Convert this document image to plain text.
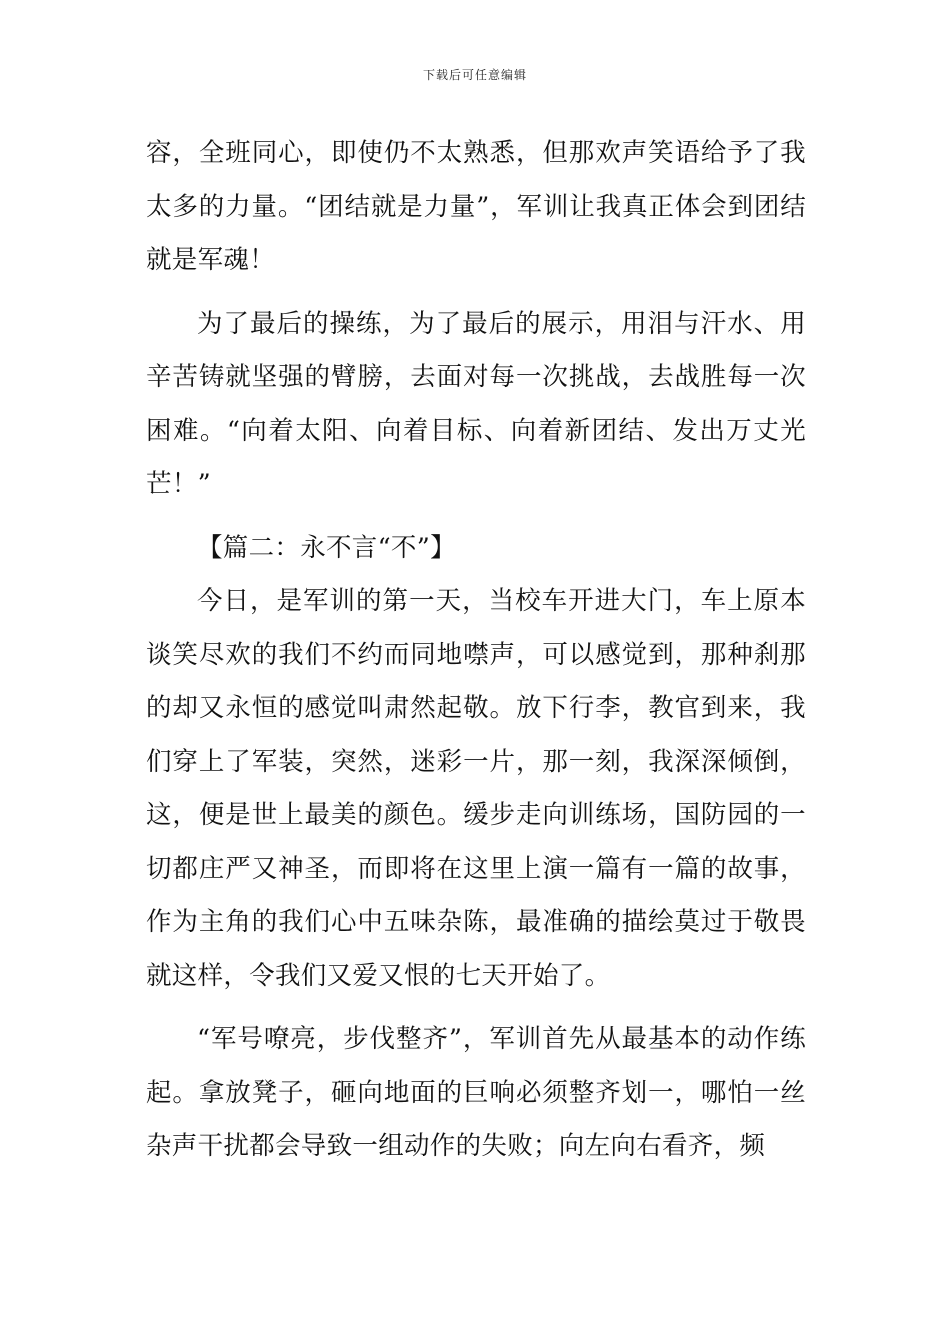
下载后可任意编辑

容，全班同心，即使仍不太熟悉，但那欢声笑语给予了我太多的力量。“团结就是力量”，军训让我真正体会到团结就是军魂！

为了最后的操练，为了最后的展示，用泪与汗水、用辛苦铸就坚强的臂膀，去面对每一次挑战，去战胜每一次困难。“向着太阳、向着目标、向着新团结、发出万丈光芒！”

【篇二：永不言“不”】

今日，是军训的第一天，当校车开进大门，车上原本谈笑尽欢的我们不约而同地噤声，可以感觉到，那种刹那的却又永恒的感觉叫肃然起敬。放下行李，教官到来，我们穿上了军装，突然，迷彩一片，那一刻，我深深倾倒，这，便是世上最美的颜色。缓步走向训练场，国防园的一切都庄严又神圣，而即将在这里上演一篇有一篇的故事，作为主角的我们心中五味杂陈，最准确的描绘莫过于敬畏就这样，令我们又爱又恨的七天开始了。

“军号嘹亮，步伐整齐”，军训首先从最基本的动作练起。拿放凳子，砸向地面的巨响必须整齐划一，哪怕一丝杂声干扰都会导致一组动作的失败；向左向右看齐，频
